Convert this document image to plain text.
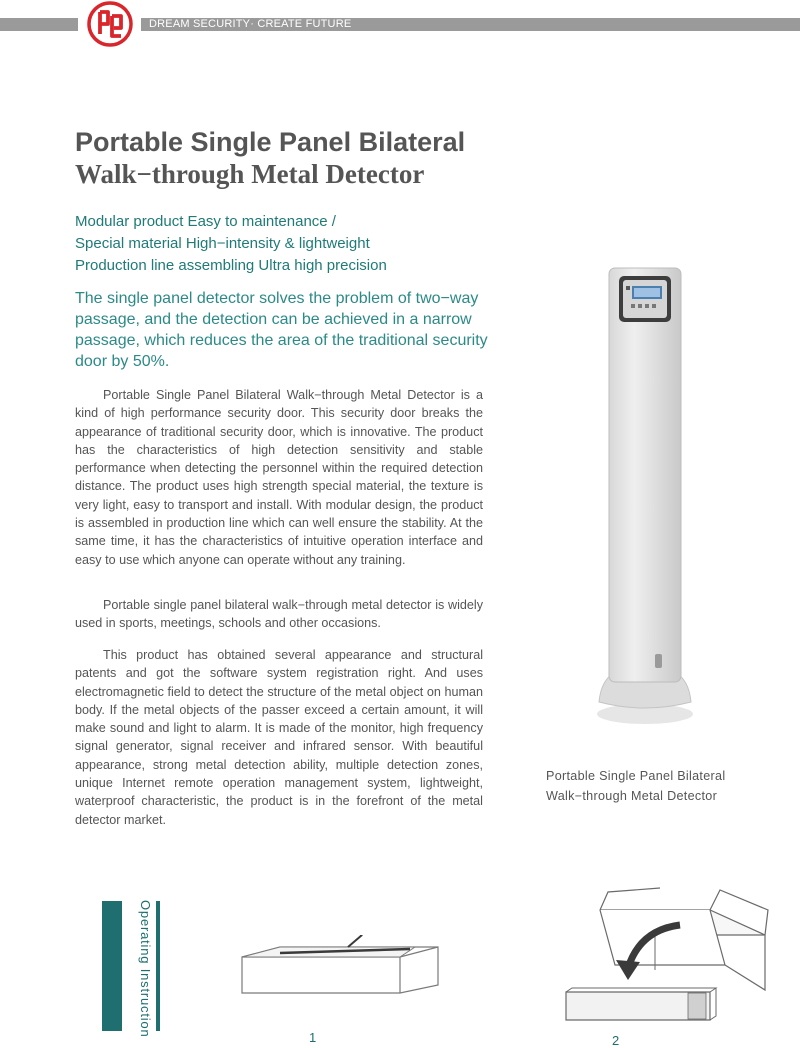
DREAM SECURITY· CREATE FUTURE
Portable Single Panel Bilateral
Walk−through Metal Detector
Modular product Easy to maintenance /
Special material High−intensity & lightweight
Production line assembling Ultra high precision
The single panel detector solves the problem of two−way passage, and the detection can be achieved in a narrow passage, which reduces the area of the traditional security door by 50%.

Portable Single Panel Bilateral Walk−through Metal Detector is a kind of high performance security door. This security door breaks the appearance of traditional security door, which is innovative. The product has the characteristics of high detection sensitivity and stable performance when detecting the personnel within the required detection distance. The product uses high strength special material, the texture is very light, easy to transport and install. With modular design, the product is assembled in production line which can well ensure the stability. At the same time, it has the characteristics of intuitive operation interface and easy to use which anyone can operate without any training.

Portable single panel bilateral walk−through metal detector is widely used in sports, meetings, schools and other occasions.

This product has obtained several appearance and structural patents and got the software system registration right. And uses electromagnetic field to detect the structure of the metal object on human body. If the metal objects of the passer exceed a certain amount, it will make sound and light to alarm. It is made of the monitor, high frequency signal generator, signal receiver and infrared sensor. With beautiful appearance, strong metal detection ability, multiple detection zones, unique Internet remote operation management system, lightweight, waterproof characteristic, the product is in the forefront of the metal detector market.

Portable Single Panel Bilateral
Walk−through Metal Detector
Operating Instruction
1	2
